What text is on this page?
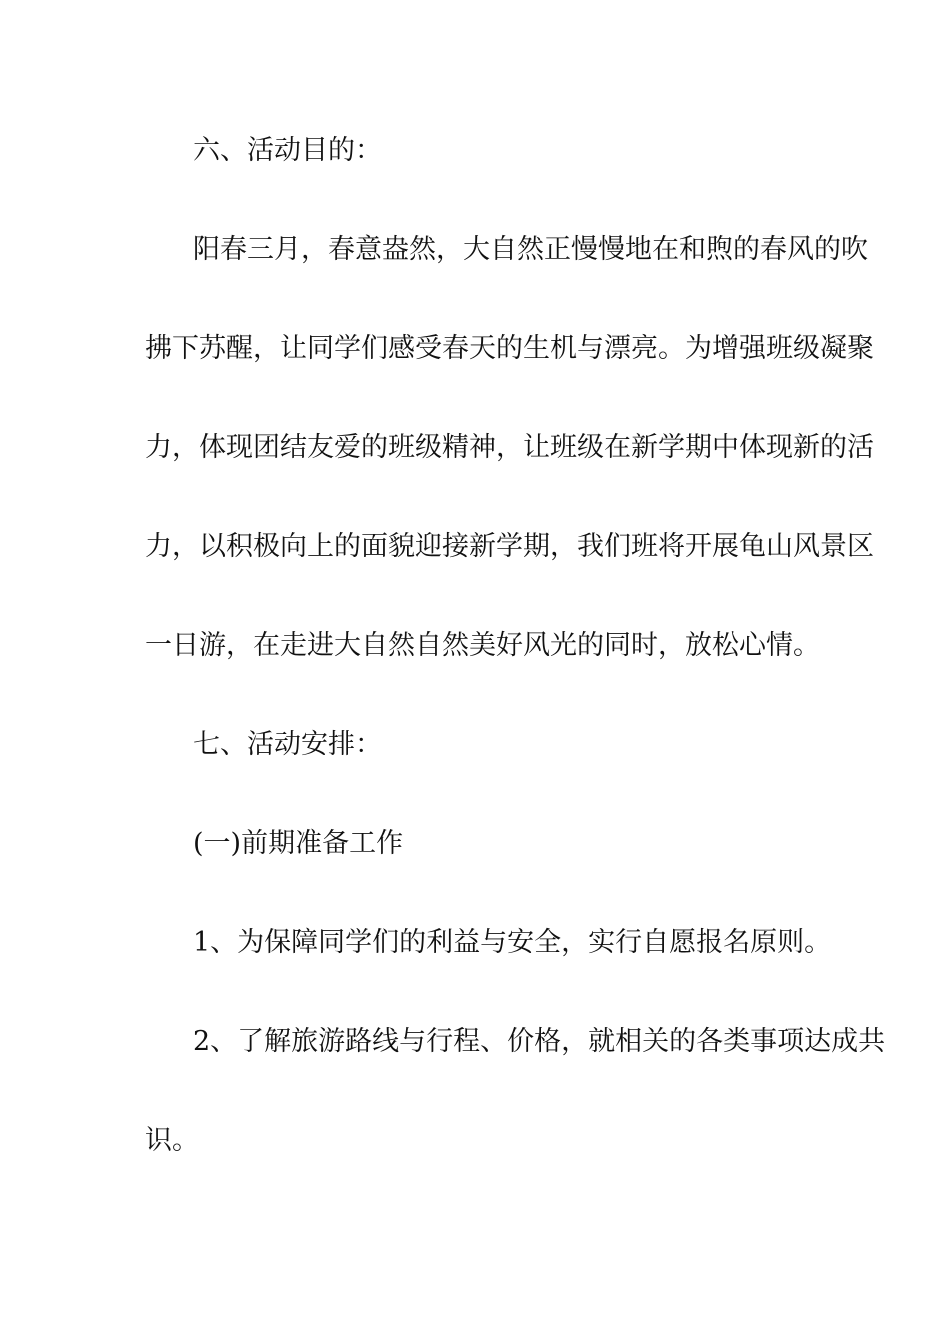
六、活动目的：
阳春三月，春意盎然，大自然正慢慢地在和煦的春风的吹
拂下苏醒，让同学们感受春天的生机与漂亮。为增强班级凝聚
力，体现团结友爱的班级精神，让班级在新学期中体现新的活
力，以积极向上的面貌迎接新学期，我们班将开展龟山风景区
一日游，在走进大自然自然美好风光的同时，放松心情。
七、活动安排：
(一)前期准备工作
1、为保障同学们的利益与安全，实行自愿报名原则。
2、了解旅游路线与行程、价格，就相关的各类事项达成共
识。
